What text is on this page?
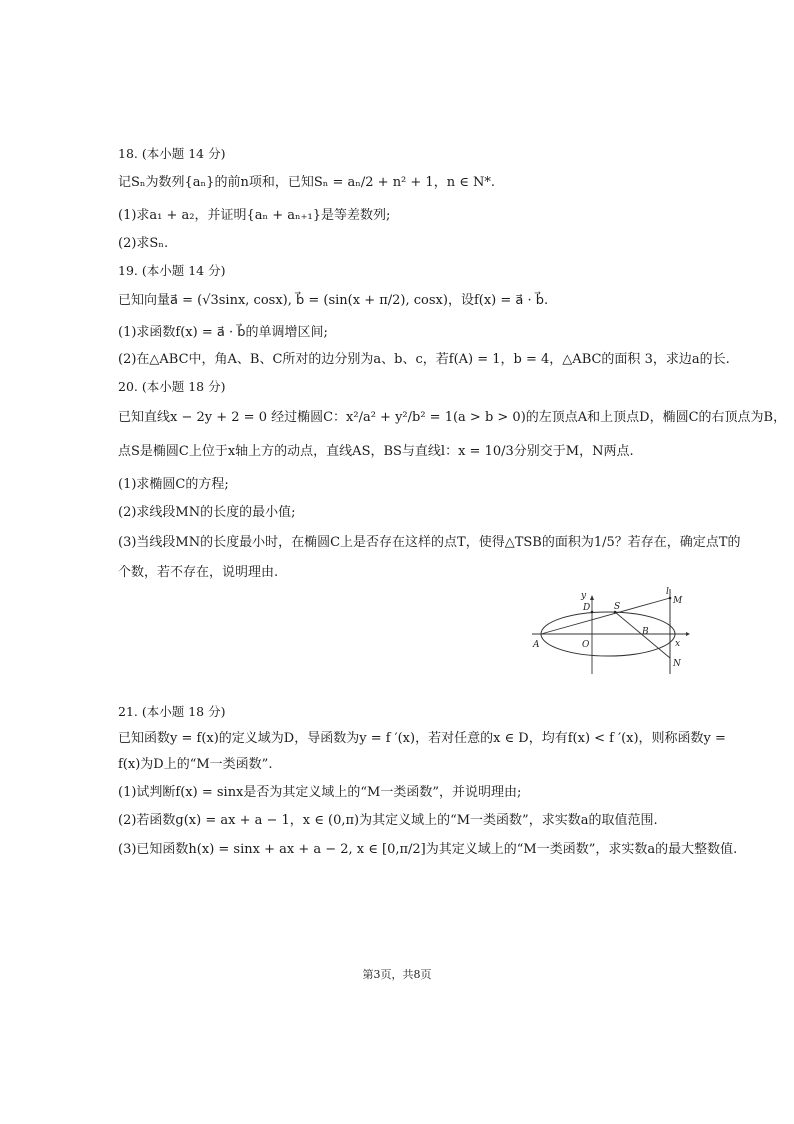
18. (本小题 14 分)
记Sₙ为数列{aₙ}的前n项和，已知Sₙ = aₙ/2 + n² + 1，n ∈ N*.
(1)求a₁ + a₂，并证明{aₙ + aₙ₊₁}是等差数列;
(2)求Sₙ.
19. (本小题 14 分)
已知向量a⃗ = (√3sinx, cosx), b⃗ = (sin(x + π/2), cosx)，设f(x) = a⃗ · b⃗.
(1)求函数f(x) = a⃗ · b⃗的单调增区间;
(2)在△ABC中，角A、B、C所对的边分别为a、b、c，若f(A) = 1，b = 4，△ABC的面积 3，求边a的长.
20. (本小题 18 分)
已知直线x − 2y + 2 = 0 经过椭圆C：x²/a² + y²/b² = 1(a > b > 0)的左顶点A和上顶点D，椭圆C的右顶点为B，
点S是椭圆C上位于x轴上方的动点，直线AS，BS与直线l：x = 10/3分别交于M，N两点.
(1)求椭圆C的方程;
(2)求线段MN的长度的最小值;
(3)当线段MN的长度最小时，在椭圆C上是否存在这样的点T，使得△TSB的面积为1/5？若存在，确定点T的
个数，若不存在，说明理由.
y
D	S
l
M
A	O
B
x
N
21. (本小题 18 分)
已知函数y = f(x)的定义域为D，导函数为y = f ′(x)，若对任意的x ∈ D，均有f(x) < f ′(x)，则称函数y =
f(x)为D上的“M一类函数”.
(1)试判断f(x) = sinx是否为其定义域上的“M一类函数”，并说明理由;
(2)若函数g(x) = ax + a − 1，x ∈ (0,π)为其定义域上的“M一类函数”，求实数a的取值范围.
(3)已知函数h(x) = sinx + ax + a − 2, x ∈ [0,π/2]为其定义域上的“M一类函数”，求实数a的最大整数值.
第3页，共8页
